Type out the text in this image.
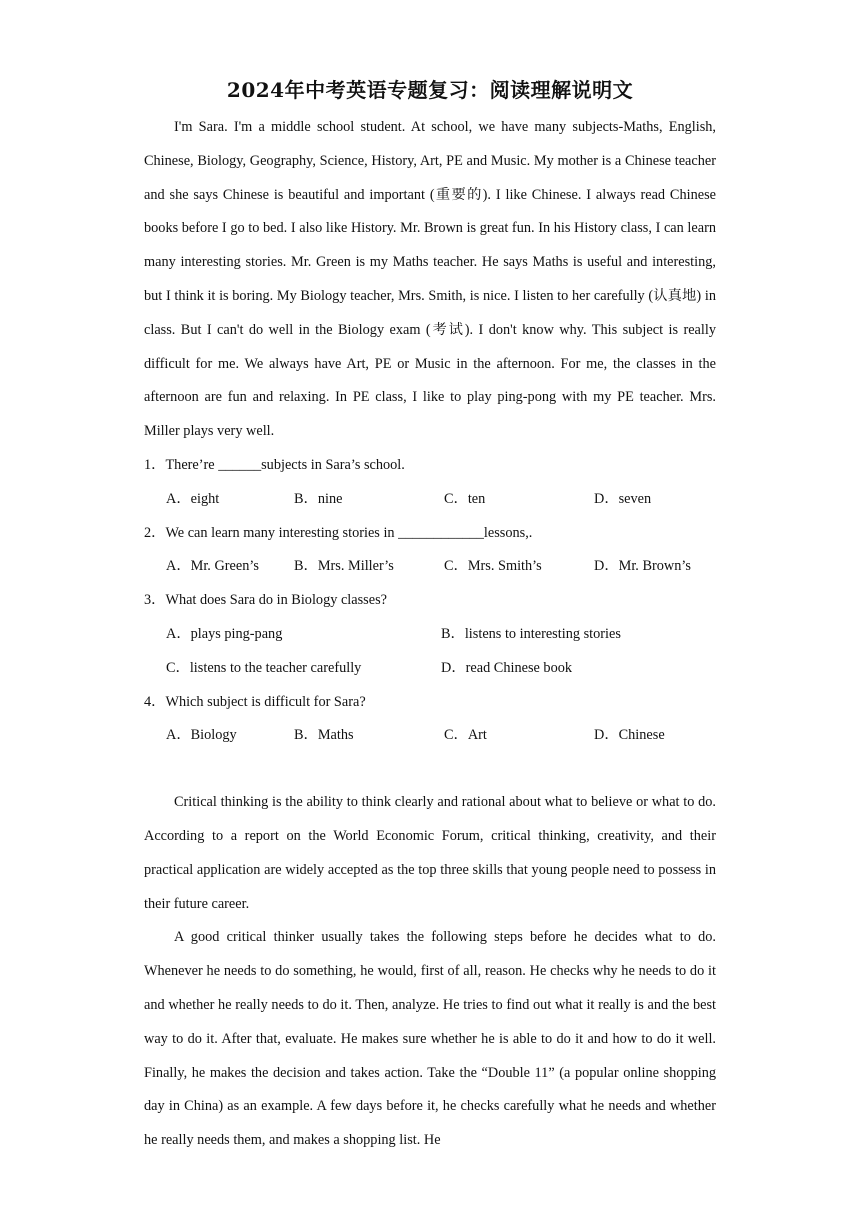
2024年中考英语专题复习：阅读理解说明文

I'm Sara. I'm a middle school student. At school, we have many subjects-Maths, English, Chinese, Biology, Geography, Science, History, Art, PE and Music. My mother is a Chinese teacher and she says Chinese is beautiful and important (重要的). I like Chinese. I always read Chinese books before I go to bed. I also like History. Mr. Brown is great fun. In his History class, I can learn many interesting stories. Mr. Green is my Maths teacher. He says Maths is useful and interesting, but I think it is boring. My Biology teacher, Mrs. Smith, is nice. I listen to her carefully (认真地) in class. But I can't do well in the Biology exam (考试). I don't know why. This subject is really difficult for me. We always have Art, PE or Music in the afternoon. For me, the classes in the afternoon are fun and relaxing. In PE class, I like to play ping-pong with my PE teacher. Mrs. Miller plays very well.

1．There’re ______subjects in Sara’s school.

A．eight	B．nine	C．ten	D．seven

2．We can learn many interesting stories in ____________lessons,.

A．Mr. Green’s	B．Mrs. Miller’s	C．Mrs. Smith’s	D．Mr. Brown’s

3．What does Sara do in Biology classes?

A．plays ping-pang	B．listens to interesting stories
C．listens to the teacher carefully	D．read Chinese book

4．Which subject is difficult for Sara?

A．Biology	B．Maths	C．Art	D．Chinese

Critical thinking is the ability to think clearly and rational about what to believe or what to do. According to a report on the World Economic Forum, critical thinking, creativity, and their practical application are widely accepted as the top three skills that young people need to possess in their future career.

A good critical thinker usually takes the following steps before he decides what to do. Whenever he needs to do something, he would, first of all, reason. He checks why he needs to do it and whether he really needs to do it. Then, analyze. He tries to find out what it really is and the best way to do it. After that, evaluate. He makes sure whether he is able to do it and how to do it well. Finally, he makes the decision and takes action. Take the “Double 11” (a popular online shopping day in China) as an example. A few days before it, he checks carefully what he needs and whether he really needs them, and makes a shopping list. He
